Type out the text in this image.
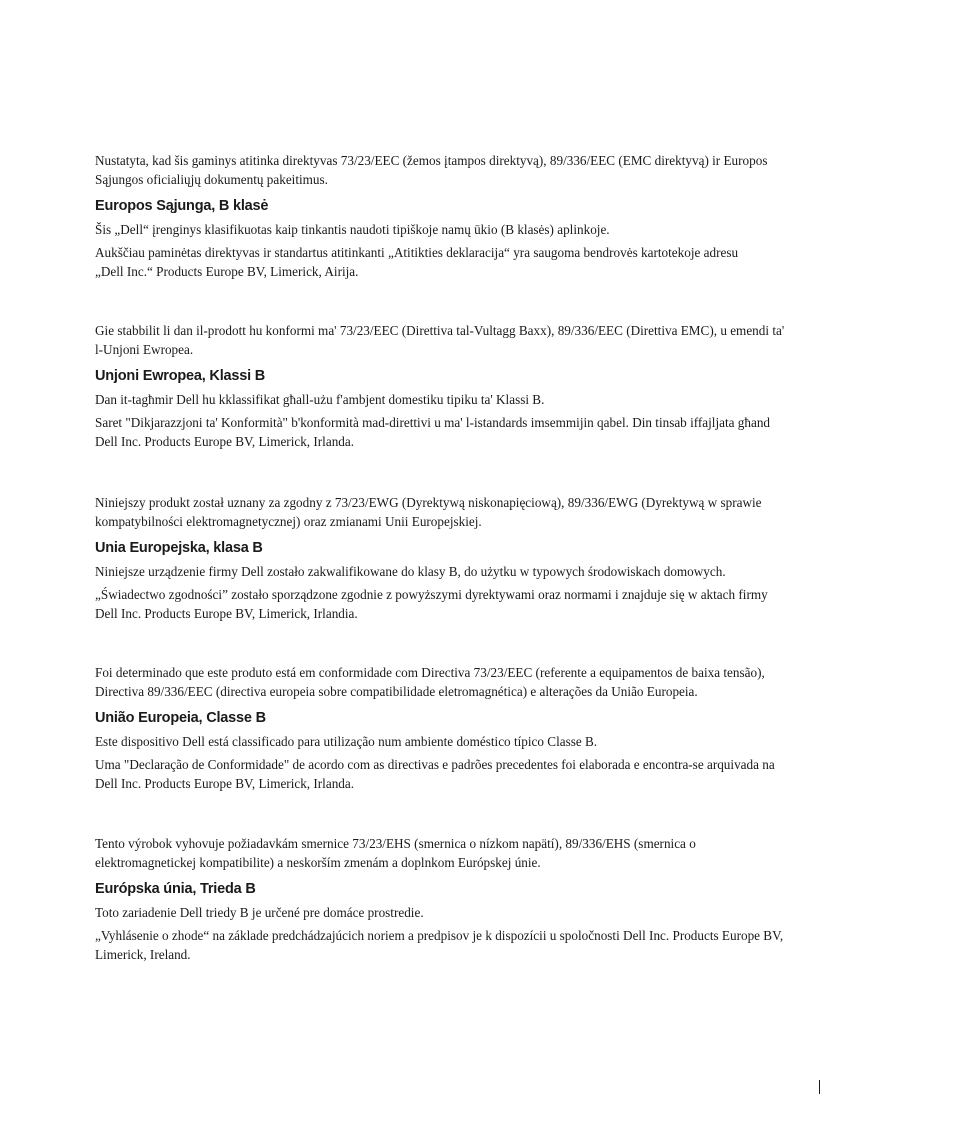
Nustatyta, kad šis gaminys atitinka direktyvas 73/23/EEC (žemos įtampos direktyvą), 89/336/EEC (EMC direktyvą) ir Europos
Sąjungos oficialiųjų dokumentų pakeitimus.

Europos Sąjunga, B klasė

Šis „Dell“ įrenginys klasifikuotas kaip tinkantis naudoti tipiškoje namų ūkio (B klasės) aplinkoje.

Aukščiau paminėtas direktyvas ir standartus atitinkanti „Atitikties deklaracija“ yra saugoma bendrovės kartotekoje adresu
„Dell Inc.“ Products Europe BV, Limerick, Airija.

Gie stabbilit li dan il-prodott hu konformi ma' 73/23/EEC (Direttiva tal-Vultagg Baxx), 89/336/EEC (Direttiva EMC), u emendi ta'
l-Unjoni Ewropea.

Unjoni Ewropea, Klassi B

Dan it-tagħmir Dell hu kklassifikat għall-użu f'ambjent domestiku tipiku ta' Klassi B.

Saret "Dikjarazzjoni ta' Konformità" b'konformità mad-direttivi u ma' l-istandards imsemmijin qabel. Din tinsab iffajljata għand
Dell Inc. Products Europe BV, Limerick, Irlanda.

Niniejszy produkt został uznany za zgodny z 73/23/EWG (Dyrektywą niskonapięciową), 89/336/EWG (Dyrektywą w sprawie
kompatybilności elektromagnetycznej) oraz zmianami Unii Europejskiej.

Unia Europejska, klasa B

Niniejsze urządzenie firmy Dell zostało zakwalifikowane do klasy B, do użytku w typowych środowiskach domowych.

„Świadectwo zgodności” zostało sporządzone zgodnie z powyższymi dyrektywami oraz normami i znajduje się w aktach firmy
Dell Inc. Products Europe BV, Limerick, Irlandia.

Foi determinado que este produto está em conformidade com Directiva 73/23/EEC (referente a equipamentos de baixa tensão),
Directiva 89/336/EEC (directiva europeia sobre compatibilidade eletromagnética) e alterações da União Europeia.

União Europeia, Classe B

Este dispositivo Dell está classificado para utilização num ambiente doméstico típico Classe B.

Uma "Declaração de Conformidade" de acordo com as directivas e padrões precedentes foi elaborada e encontra-se arquivada na
Dell Inc. Products Europe BV, Limerick, Irlanda.

Tento výrobok vyhovuje požiadavkám smernice 73/23/EHS (smernica o nízkom napätí), 89/336/EHS (smernica o
elektromagnetickej kompatibilite) a neskorším zmenám a doplnkom Európskej únie.

Európska únia, Trieda B

Toto zariadenie Dell triedy B je určené pre domáce prostredie.

„Vyhlásenie o zhode“ na základe predchádzajúcich noriem a predpisov je k dispozícii u spoločnosti Dell Inc. Products Europe BV,
Limerick, Ireland.
